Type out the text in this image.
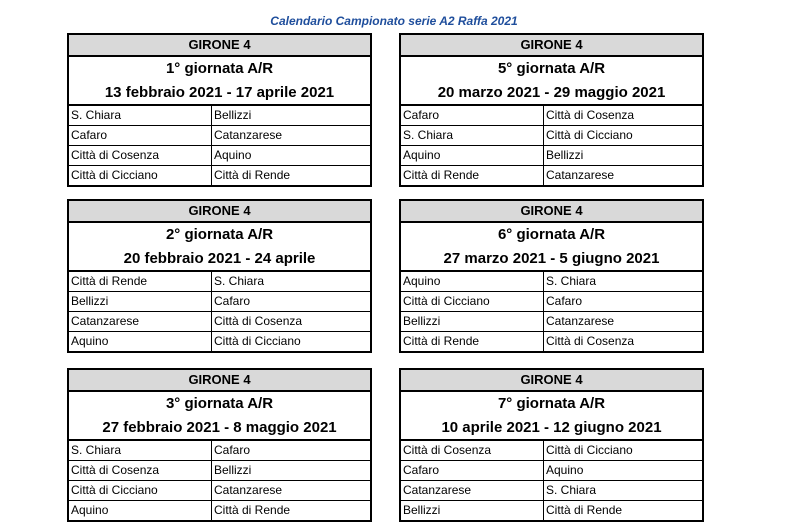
Calendario Campionato serie A2 Raffa 2021
GIRONE 4
1° giornata A/R
13 febbraio 2021 - 17 aprile 2021
S. Chiara	Bellizzi
Cafaro	Catanzarese
Città di Cosenza	Aquino
Città di Cicciano	Città di Rende
GIRONE 4
5° giornata A/R
20 marzo 2021 - 29 maggio 2021
Cafaro	Città di Cosenza
S. Chiara	Città di Cicciano
Aquino	Bellizzi
Città di Rende	Catanzarese
GIRONE 4
2° giornata A/R
20 febbraio 2021 - 24 aprile
Città di Rende	S. Chiara
Bellizzi	Cafaro
Catanzarese	Città di Cosenza
Aquino	Città di Cicciano
GIRONE 4
6° giornata A/R
27 marzo 2021 - 5 giugno 2021
Aquino	S. Chiara
Città di Cicciano	Cafaro
Bellizzi	Catanzarese
Città di Rende	Città di Cosenza
GIRONE 4
3° giornata A/R
27 febbraio 2021 - 8 maggio 2021
S. Chiara	Cafaro
Città di Cosenza	Bellizzi
Città di Cicciano	Catanzarese
Aquino	Città di Rende
GIRONE 4
7° giornata A/R
10 aprile 2021 - 12 giugno 2021
Città di Cosenza	Città di Cicciano
Cafaro	Aquino
Catanzarese	S. Chiara
Bellizzi	Città di Rende
